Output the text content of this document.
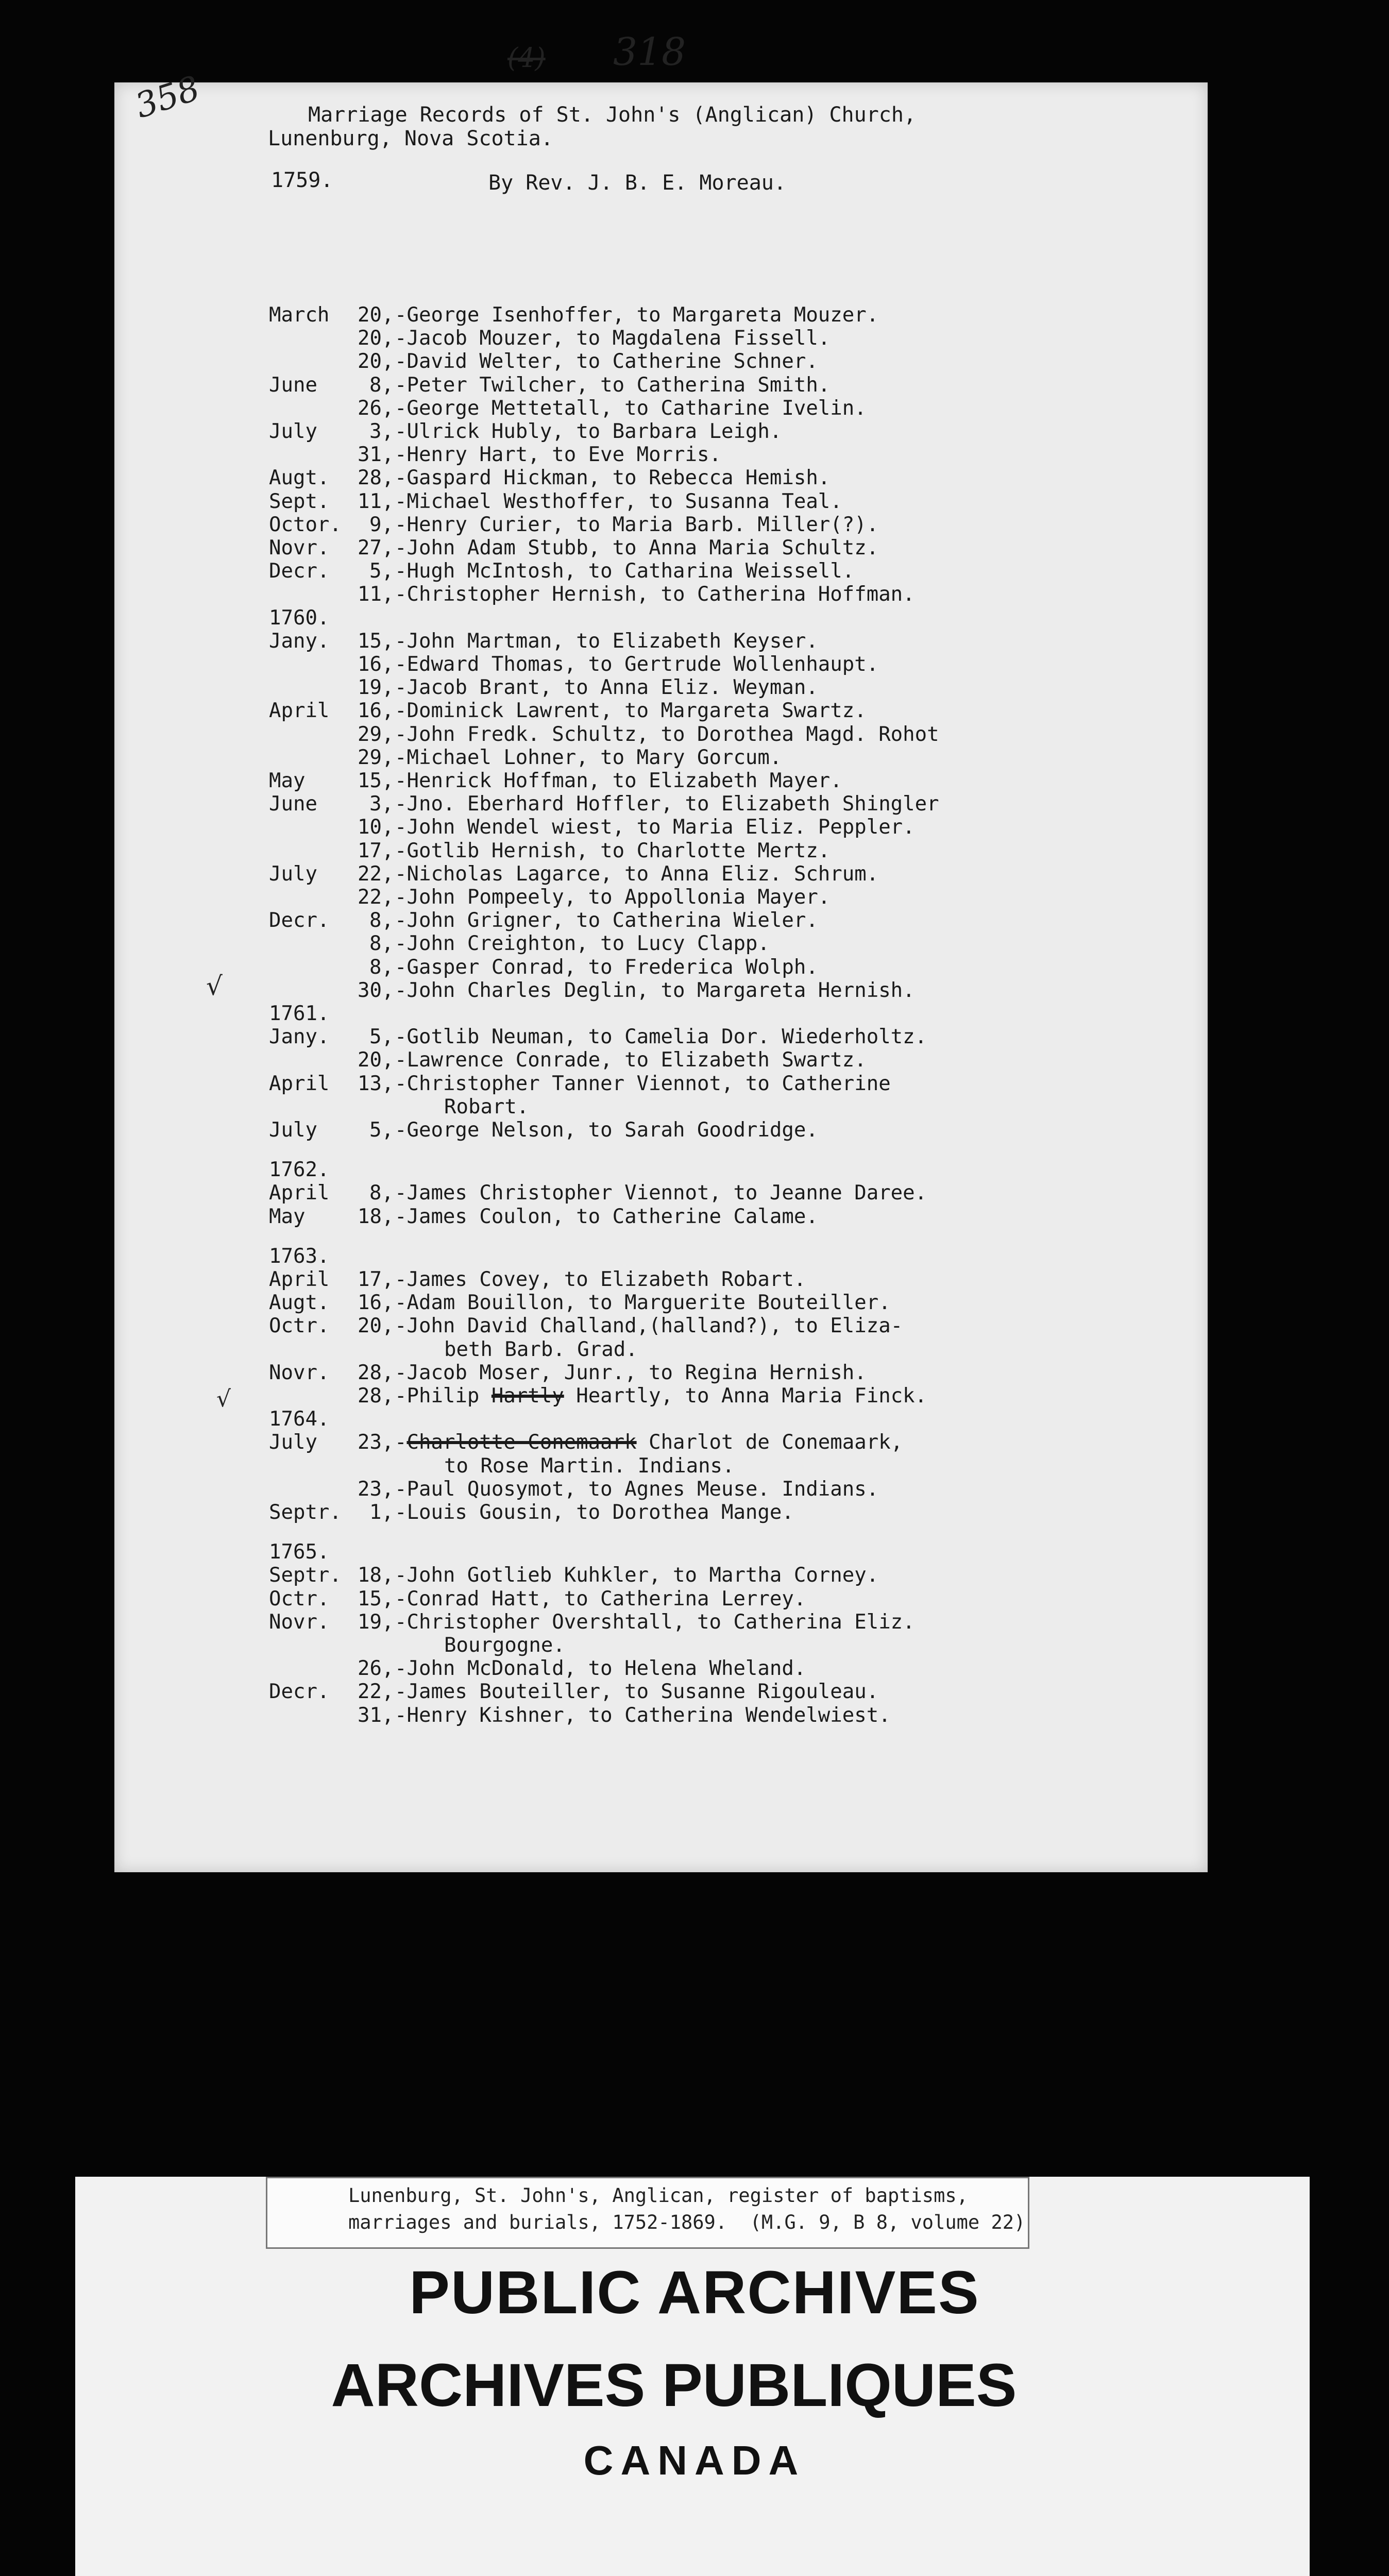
358
(4) 318
√
√
Marriage Records of St. John's (Anglican) Church,
Lunenburg, Nova Scotia.
1759.	By Rev. J. B. E. Moreau.
March 20, -George Isenhoffer, to Margareta Mouzer.
20, -Jacob Mouzer, to Magdalena Fissell.
20, -David Welter, to Catherine Schner.
June	8, -Peter Twilcher, to Catherina Smith.
26, -George Mettetall, to Catharine Ivelin.
July	3, -Ulrick Hubly, to Barbara Leigh.
31, -Henry Hart, to Eve Morris.
Augt. 28, -Gaspard Hickman, to Rebecca Hemish.
Sept. 11, -Michael Westhoffer, to Susanna Teal.
Octor.	9, -Henry Curier, to Maria Barb. Miller(?).
Novr. 27, -John Adam Stubb, to Anna Maria Schultz.
Decr.	5, -Hugh McIntosh, to Catharina Weissell.
11, -Christopher Hernish, to Catherina Hoffman.
1760.
Jany. 15, -John Martman, to Elizabeth Keyser.
16, -Edward Thomas, to Gertrude Wollenhaupt.
19, -Jacob Brant, to Anna Eliz. Weyman.
April 16, -Dominick Lawrent, to Margareta Swartz.
29, -John Fredk. Schultz, to Dorothea Magd. Rohot
29, -Michael Lohner, to Mary Gorcum.
May	15, -Henrick Hoffman, to Elizabeth Mayer.
June	3, -Jno. Eberhard Hoffler, to Elizabeth Shingler
10, -John Wendel wiest, to Maria Eliz. Peppler.
17, -Gotlib Hernish, to Charlotte Mertz.
July 22, -Nicholas Lagarce, to Anna Eliz. Schrum.
22, -John Pompeely, to Appollonia Mayer.
Decr.	8, -John Grigner, to Catherina Wieler.
8, -John Creighton, to Lucy Clapp.
8, -Gasper Conrad, to Frederica Wolph.
30, -John Charles Deglin, to Margareta Hernish.
1761.
Jany.	5, -Gotlib Neuman, to Camelia Dor. Wiederholtz.
20, -Lawrence Conrade, to Elizabeth Swartz.
April 13, -Christopher Tanner Viennot, to Catherine
Robart.
July	5, -George Nelson, to Sarah Goodridge.
1762.
April	8, -James Christopher Viennot, to Jeanne Daree.
May	18, -James Coulon, to Catherine Calame.
1763.
April 17, -James Covey, to Elizabeth Robart.
Augt. 16, -Adam Bouillon, to Marguerite Bouteiller.
Octr. 20, -John David Challand,(halland?), to Eliza-
beth Barb. Grad.
Novr. 28, -Jacob Moser, Junr., to Regina Hernish.
28, -Philip Hartly Heartly, to Anna Maria Finck.
1764.
July 23, -Charlotte Conemaark Charlot de Conemaark,
to Rose Martin. Indians.
23, -Paul Quosymot, to Agnes Meuse. Indians.
Septr.	1, -Louis Gousin, to Dorothea Mange.
1765.
Septr. 18, -John Gotlieb Kuhkler, to Martha Corney.
Octr. 15, -Conrad Hatt, to Catherina Lerrey.
Novr. 19, -Christopher Overshtall, to Catherina Eliz.
Bourgogne.
26, -John McDonald, to Helena Wheland.
Decr. 22, -James Bouteiller, to Susanne Rigouleau.
31, -Henry Kishner, to Catherina Wendelwiest.
Lunenburg, St. John's, Anglican, register of baptisms,
marriages and burials, 1752-1869.  (M.G. 9, B 8, volume 22)
PUBLIC ARCHIVES
ARCHIVES PUBLIQUES
CANADA
